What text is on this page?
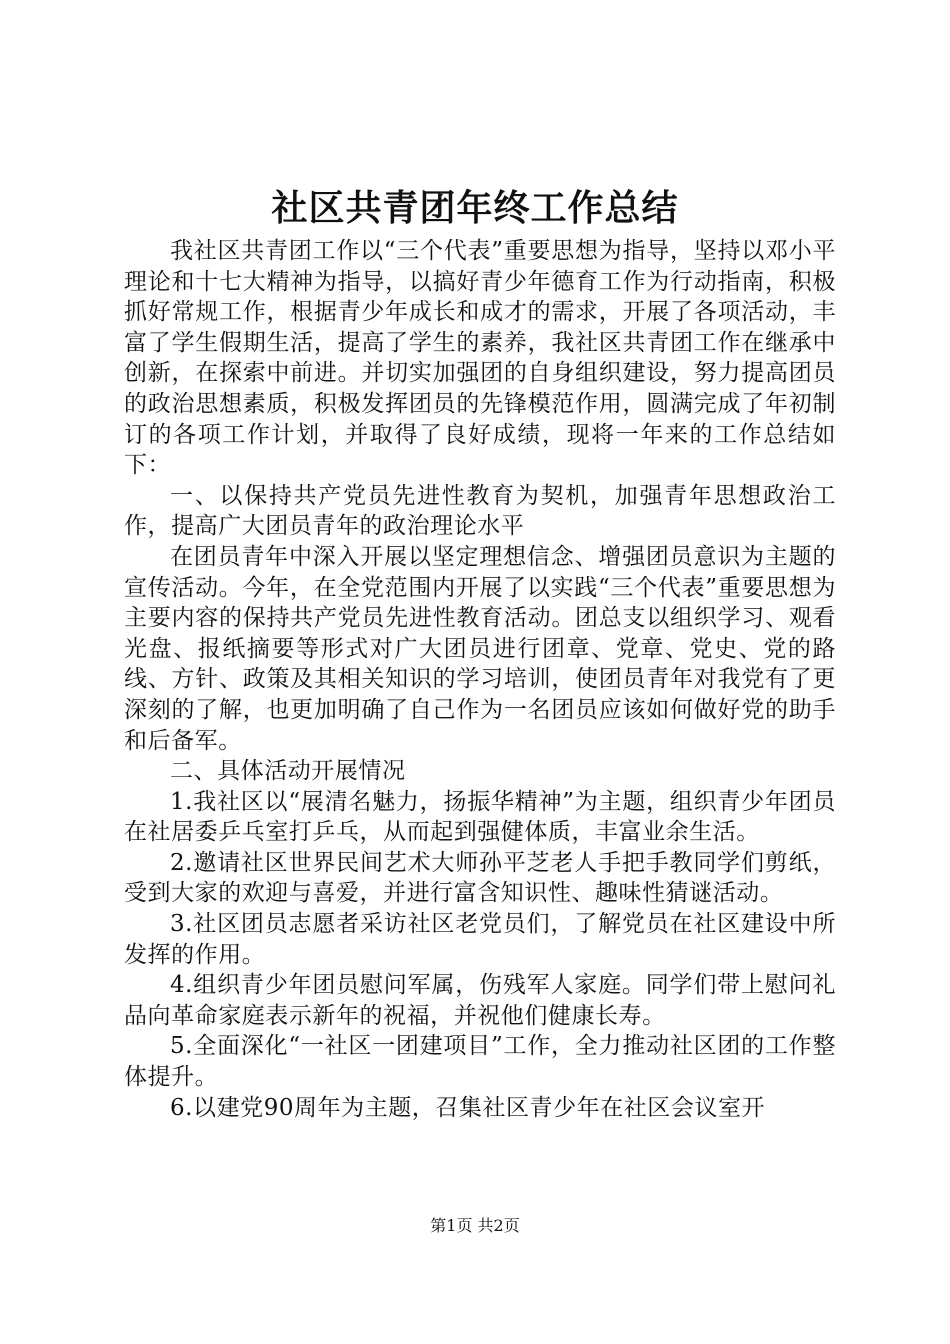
社区共青团年终工作总结

我社区共青团工作以“三个代表”重要思想为指导，坚持以邓小平理论和十七大精神为指导，以搞好青少年德育工作为行动指南，积极抓好常规工作，根据青少年成长和成才的需求，开展了各项活动，丰富了学生假期生活，提高了学生的素养，我社区共青团工作在继承中创新，在探索中前进。并切实加强团的自身组织建设，努力提高团员的政治思想素质，积极发挥团员的先锋模范作用，圆满完成了年初制订的各项工作计划，并取得了良好成绩，现将一年来的工作总结如下：

一、以保持共产党员先进性教育为契机，加强青年思想政治工作，提高广大团员青年的政治理论水平

在团员青年中深入开展以坚定理想信念、增强团员意识为主题的宣传活动。今年，在全党范围内开展了以实践“三个代表”重要思想为主要内容的保持共产党员先进性教育活动。团总支以组织学习、观看光盘、报纸摘要等形式对广大团员进行团章、党章、党史、党的路线、方针、政策及其相关知识的学习培训，使团员青年对我党有了更深刻的了解，也更加明确了自己作为一名团员应该如何做好党的助手和后备军。

二、具体活动开展情况

1.我社区以“展清名魅力，扬振华精神”为主题，组织青少年团员在社居委乒乓室打乒乓，从而起到强健体质，丰富业余生活。

2.邀请社区世界民间艺术大师孙平芝老人手把手教同学们剪纸，受到大家的欢迎与喜爱，并进行富含知识性、趣味性猜谜活动。

3.社区团员志愿者采访社区老党员们，了解党员在社区建设中所发挥的作用。

4.组织青少年团员慰问军属，伤残军人家庭。同学们带上慰问礼品向革命家庭表示新年的祝福，并祝他们健康长寿。

5.全面深化“一社区一团建项目”工作，全力推动社区团的工作整体提升。

6.以建党90周年为主题，召集社区青少年在社区会议室开

第1页 共2页
